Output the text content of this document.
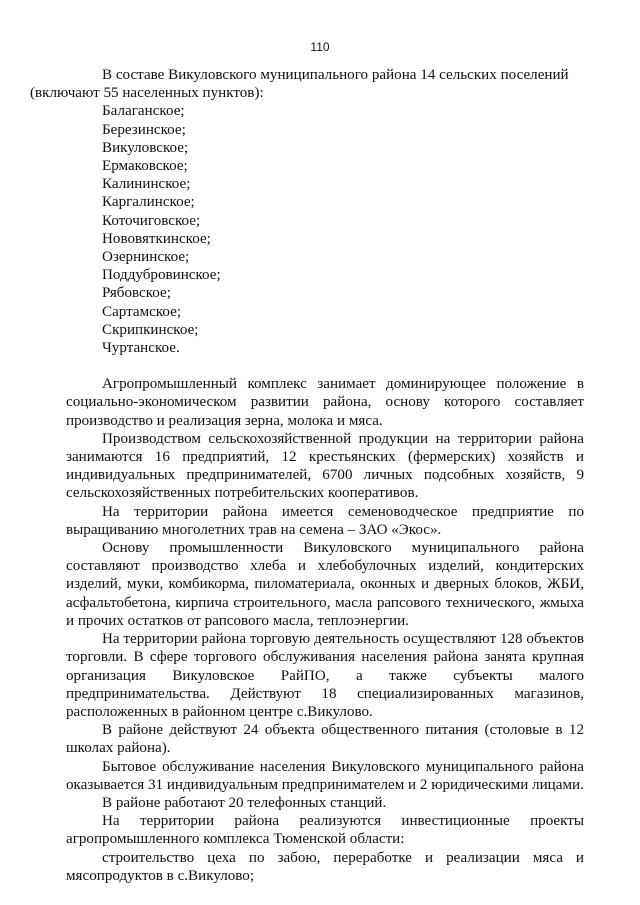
110

В составе Викуловского муниципального района 14 сельских поселений
(включают 55 населенных пунктов):

Балаганское;
Березинское;
Викуловское;
Ермаковское;
Калининское;
Каргалинское;
Коточиговское;
Нововяткинское;
Озернинское;
Поддубровинское;
Рябовское;
Сартамское;
Скрипкинское;
Чуртанское.

Агропромышленный комплекс занимает доминирующее положение в социально-экономическом развитии района, основу которого составляет производство и реализация зерна, молока и мяса.

Производством сельскохозяйственной продукции на территории района занимаются 16 предприятий, 12 крестьянских (фермерских) хозяйств и индивидуальных предпринимателей, 6700 личных подсобных хозяйств, 9 сельскохозяйственных потребительских кооперативов.

На территории района имеется семеноводческое предприятие по выращиванию многолетних трав на семена – ЗАО «Экос».

Основу промышленности Викуловского муниципального района составляют производство хлеба и хлебобулочных изделий, кондитерских изделий, муки, комбикорма, пиломатериала, оконных и дверных блоков, ЖБИ, асфальтобетона, кирпича строительного, масла рапсового технического, жмыха и прочих остатков от рапсового масла, теплоэнергии.

На территории района торговую деятельность осуществляют 128 объектов торговли. В сфере торгового обслуживания населения района занята крупная организация Викуловское РайПО, а также субъекты малого предпринимательства. Действуют 18 специализированных магазинов, расположенных в районном центре с.Викулово.

В районе действуют 24 объекта общественного питания (столовые в 12 школах района).

Бытовое обслуживание населения Викуловского муниципального района оказывается 31 индивидуальным предпринимателем и 2 юридическими лицами.

В районе работают 20 телефонных станций.

На территории района реализуются инвестиционные проекты агропромышленного комплекса Тюменской области:

строительство цеха по забою, переработке и реализации мяса и мясопродуктов в с.Викулово;
